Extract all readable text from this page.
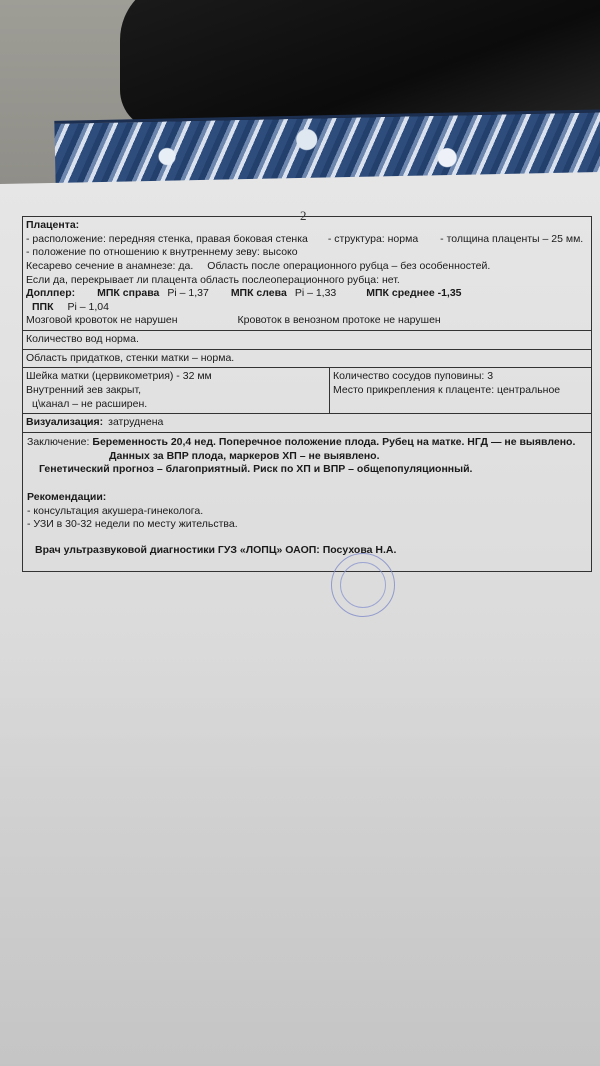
2
Плацента:
- расположение: передняя стенка, правая боковая стенка - структура: норма - толщина плаценты – 25 мм.
- положение по отношению к внутреннему зеву: высоко
Кесарево сечение в анамнезе: да. Область после операционного рубца – без особенностей.
Если да, перекрывает ли плацента область послеоперационного рубца: нет.
Доплпер: МПК справа Pi – 1,37 МПК слева Pi – 1,33	МПК среднее -1,35
ППК Pi – 1,04
Мозговой кровоток не нарушен	Кровоток в венозном протоке не нарушен
Количество вод норма.
Область придатков, стенки матки – норма.
Шейка матки (цервикометрия) - 32 мм
Внутренний зев закрыт,
ц\канал – не расширен.
Количество сосудов пуповины: 3
Место прикрепления к плаценте: центральное
Визуализация: затруднена
Заключение: Беременность 20,4 нед. Поперечное положение плода. Рубец на матке. НГД — не выявлено.
Данных за ВПР плода, маркеров ХП – не выявлено.
Генетический прогноз – благоприятный. Риск по ХП и ВПР – общепопуляционный.
Рекомендации:
- консультация акушера-гинеколога.
- УЗИ в 30-32 недели по месту жительства.
Врач ультразвуковой диагностики ГУЗ «ЛОПЦ» ОАОП: Посухова Н.А.
